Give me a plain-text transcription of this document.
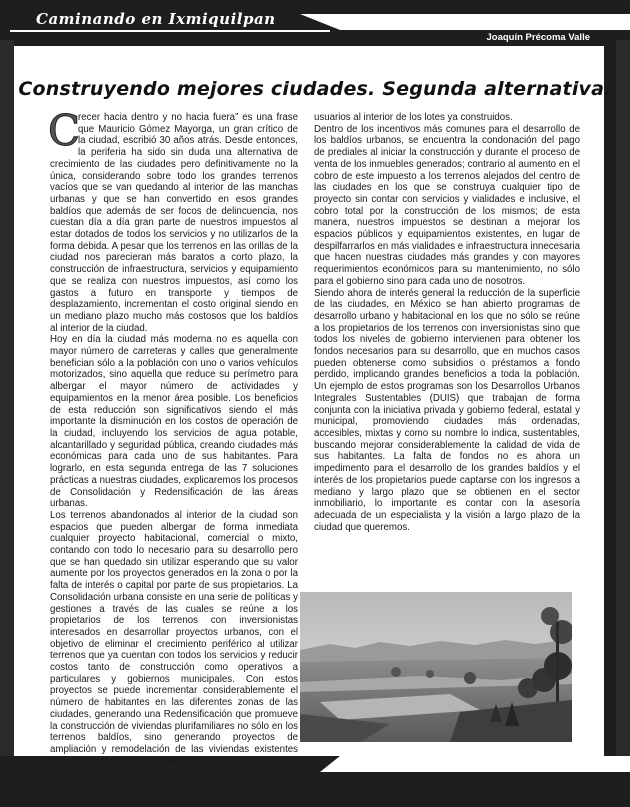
Caminando en Ixmiquilpan
Joaquín Précoma Valle
Maestro en arquitectura y nuevo urbanismo
Construyendo mejores ciudades. Segunda alternativa.
C

recer hacia dentro y no hacia fuera” es una frase que Mauricio Gómez Mayorga, un gran crítico de la ciudad, escribió 30 años atrás. Desde entonces, la periferia ha sido sin duda una alternativa de crecimiento de las ciudades pero definitivamente no la única, considerando sobre todo los grandes terrenos vacíos que se van quedando al interior de las manchas urbanas y que se han convertido en esos grandes baldíos que además de ser focos de delincuencia, nos cuestan día a día gran parte de nuestros impuestos al estar dotados de todos los servicios y no utilizarlos de la forma debida. A pesar que los terrenos en las orillas de la ciudad nos parecieran más baratos a corto plazo, la construcción de infraestructura, servicios y equipamiento que se realiza con nuestros impuestos, así como los gastos a futuro en transporte y tiempos de desplazamiento, incrementan el costo original siendo en un mediano plazo mucho más costosos que los baldíos al interior de la ciudad.

Hoy en día la ciudad más moderna no es aquella con mayor número de carreteras y calles que generalmente benefician sólo a la población con uno o varios vehículos motorizados, sino aquella que reduce su perímetro para albergar el mayor número de actividades y equipamientos en la menor área posible. Los beneficios de esta reducción son significativos siendo el más importante la disminución en los costos de operación de la ciudad, incluyendo los servicios de agua potable, alcantarillado y seguridad pública, creando ciudades más económicas para cada uno de sus habitantes. Para lograrlo, en esta segunda entrega de las 7 soluciones prácticas a nuestras ciudades, explicaremos los procesos de Consolidación y Redensificación de las áreas urbanas.

Los terrenos abandonados al interior de la ciudad son espacios que pueden albergar de forma inmediata cualquier proyecto habitacional, comercial o mixto, contando con todo lo necesario para su desarrollo pero que se han quedado sin utilizar esperando que su valor aumente por los proyectos generados en la zona o por la falta de interés o capital por parte de sus propietarios. La Consolidación urbana consiste en una serie de políticas y gestiones a través de las cuales se reúne a los propietarios de los terrenos con inversionistas interesados en desarrollar proyectos urbanos, con el objetivo de eliminar el crecimiento periférico al utilizar terrenos que ya cuentan con todos los servicios y reducir costos tanto de construcción como operativos a particulares y gobiernos municipales. Con estos proyectos se puede incrementar considerablemente el número de habitantes en las diferentes zonas de las ciudades, generando una Redensificación que promueve la construcción de viviendas plurifamiliares no sólo en los terrenos baldíos, sino generando proyectos de ampliación y remodelación de las viviendas existentes para albergar al mayor número de

usuarios al interior de los lotes ya construidos.

Dentro de los incentivos más comunes para el desarrollo de los baldíos urbanos, se encuentra la condonación del pago de prediales al iniciar la construcción y durante el proceso de venta de los inmuebles generados; contrario al aumento en el cobro de este impuesto a los terrenos alejados del centro de las ciudades en los que se construya cualquier tipo de proyecto sin contar con servicios y vialidades e inclusive, el cobro total por la construcción de los mismos; de esta manera, nuestros impuestos se destinan a mejorar los espacios públicos y equipamientos existentes, en lugar de despilfarrarlos en más vialidades e infraestructura innecesaria que hacen nuestras ciudades más grandes y con mayores requerimientos económicos para su mantenimiento, no sólo para el gobierno sino para cada uno de nosotros.

Siendo ahora de interés general la reducción de la superficie de las ciudades, en México se han abierto programas de desarrollo urbano y habitacional en los que no sólo se reúne a los propietarios de los terrenos con inversionistas sino que todos los niveles de gobierno intervienen para obtener los fondos necesarios para su desarrollo, que en muchos casos pueden obtenerse como subsidios o préstamos a fondo perdido, implicando grandes beneficios a toda la población. Un ejemplo de estos programas son los Desarrollos Urbanos Integrales Sustentables (DUIS) que trabajan de forma conjunta con la iniciativa privada y gobierno federal, estatal y municipal, promoviendo ciudades más ordenadas, accesibles, mixtas y como su nombre lo indica, sustentables, buscando mejorar considerablemente la calidad de vida de sus habitantes. La falta de fondos no es ahora un impedimento para el desarrollo de los grandes baldíos y el interés de los propietarios puede captarse con los ingresos a mediano y largo plazo que se obtienen en el sector inmobiliario, lo importante es contar con la asesoría adecuada de un especialista y la visión a largo plazo de la ciudad que queremos.
